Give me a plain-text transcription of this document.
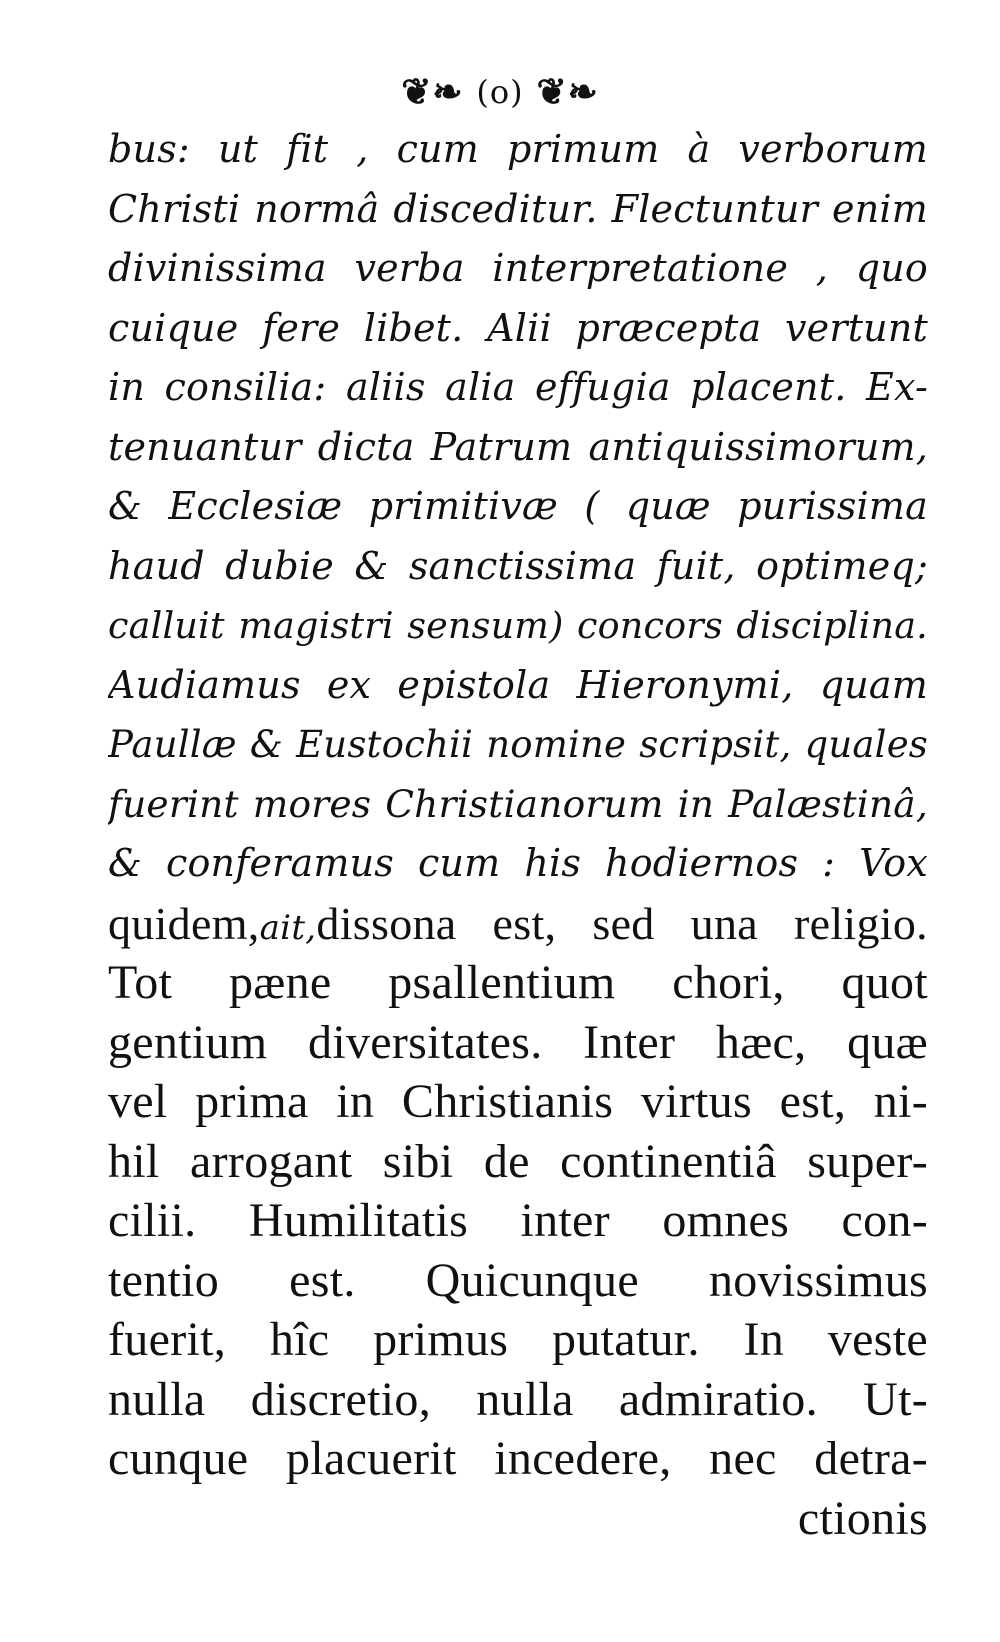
❦❧ (o) ❦❧
bus: ut fit , cum primum à verborum
Christi normâ disceditur. Flectuntur enim
divinissima verba interpretatione , quo
cuique fere libet. Alii præcepta vertunt
in consilia: aliis alia effugia placent. Ex-
tenuantur dicta Patrum antiquissimorum,
& Ecclesiæ primitivæ ( quæ purissima
haud dubie & sanctissima fuit, optimeq;
calluit magistri sensum) concors disciplina.
Audiamus ex epistola Hieronymi, quam
Paullæ & Eustochii nomine scripsit, quales
fuerint mores Christianorum in Palæstinâ,
& conferamus cum his hodiernos : Vox
quidem,ait,dissona est, sed una religio.
Tot pæne psallentium chori, quot
gentium diversitates. Inter hæc, quæ
vel prima in Christianis virtus est, ni-
hil arrogant sibi de continentiâ super-
cilii. Humilitatis inter omnes con-
tentio est. Quicunque novissimus
fuerit, hîc primus putatur. In veste
nulla discretio, nulla admiratio. Ut-
cunque placuerit incedere, nec detra-
ctionis
